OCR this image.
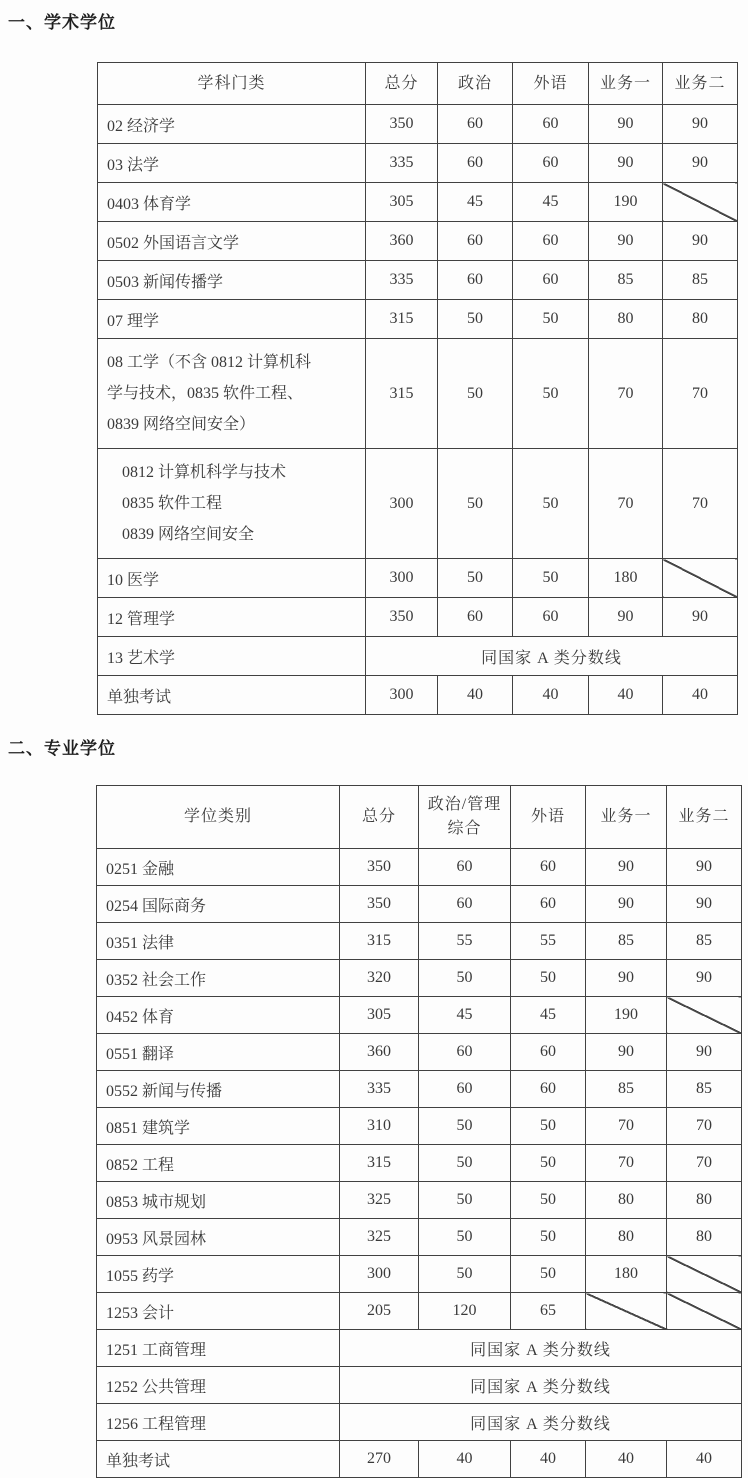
一、学术学位
学科门类	总分	政治	外语	业务一	业务二
02 经济学	350	60	60	90	90
03 法学	335	60	60	90	90
0403 体育学	305	45	45	190	
0502 外国语言文学	360	60	60	90	90
0503 新闻传播学	335	60	60	85	85
07 理学	315	50	50	80	80

08 工学（不含 0812 计算机科
学与技术，0835 软件工程、
0839 网络空间安全）	315	50	50	70	70

0812 计算机科学与技术
0835 软件工程
0839 网络空间安全	300	50	50	70	70
10 医学	300	50	50	180	
12 管理学	350	60	60	90	90
13 艺术学	同国家 A 类分数线				
单独考试	300	40	40	40	40
二、专业学位
学位类别	总分	政治/管理综合	外语	业务一	业务二
0251 金融	350	60	60	90	90
0254 国际商务	350	60	60	90	90
0351 法律	315	55	55	85	85
0352 社会工作	320	50	50	90	90
0452 体育	305	45	45	190	
0551 翻译	360	60	60	90	90
0552 新闻与传播	335	60	60	85	85
0851 建筑学	310	50	50	70	70
0852 工程	315	50	50	70	70
0853 城市规划	325	50	50	80	80
0953 风景园林	325	50	50	80	80
1055 药学	300	50	50	180	
1253 会计	205	120	65		
1251 工商管理	同国家 A 类分数线				
1252 公共管理	同国家 A 类分数线				
1256 工程管理	同国家 A 类分数线				
单独考试	270	40	40	40	40
